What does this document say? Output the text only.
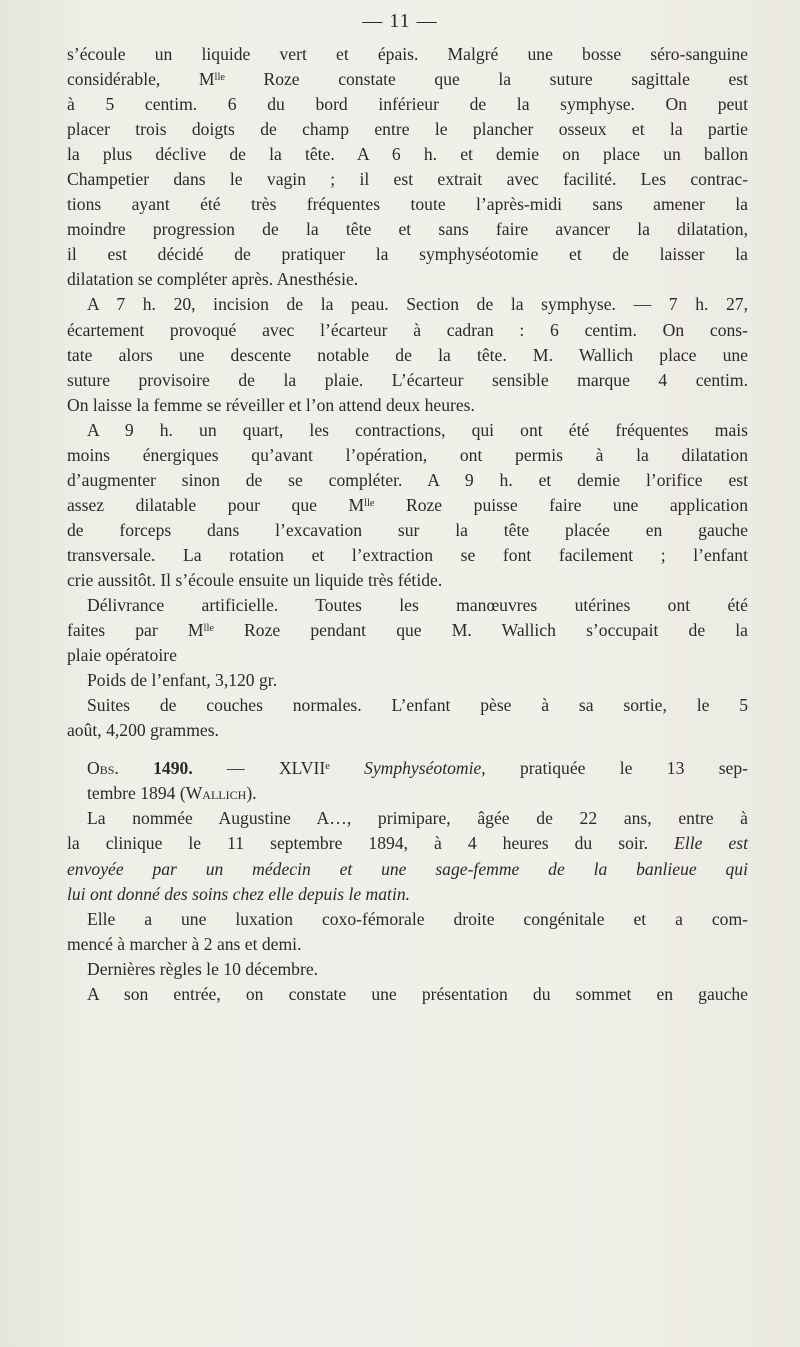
— 11 —

s’écoule un liquide vert et épais. Malgré une bosse séro-sanguine
considérable, Mˡˡᵉ Roze constate que la suture sagittale est
à 5 centim. 6 du bord inférieur de la symphyse. On peut
placer trois doigts de champ entre le plancher osseux et la partie
la plus déclive de la tête. A 6 h. et demie on place un ballon
Champetier dans le vagin ; il est extrait avec facilité. Les contrac-
tions ayant été très fréquentes toute l’après-midi sans amener la
moindre progression de la tête et sans faire avancer la dilatation,
il est décidé de pratiquer la symphyséotomie et de laisser la
dilatation se compléter après. Anesthésie.

A 7 h. 20, incision de la peau. Section de la symphyse. — 7 h. 27,
écartement provoqué avec l’écarteur à cadran : 6 centim. On cons-
tate alors une descente notable de la tête. M. Wallich place une
suture provisoire de la plaie. L’écarteur sensible marque 4 centim.
On laisse la femme se réveiller et l’on attend deux heures.

A 9 h. un quart, les contractions, qui ont été fréquentes mais
moins énergiques qu’avant l’opération, ont permis à la dilatation
d’augmenter sinon de se compléter. A 9 h. et demie l’orifice est
assez dilatable pour que Mˡˡᵉ Roze puisse faire une application
de forceps dans l’excavation sur la tête placée en gauche
transversale. La rotation et l’extraction se font facilement ; l’enfant
crie aussitôt. Il s’écoule ensuite un liquide très fétide.

Délivrance artificielle. Toutes les manœuvres utérines ont été
faites par Mˡˡᵉ Roze pendant que M. Wallich s’occupait de la
plaie opératoire

Poids de l’enfant, 3,120 gr.

Suites de couches normales. L’enfant pèse à sa sortie, le 5
août, 4,200 grammes.

Obs. 1490. — XLVIIᵉ Symphyséotomie, pratiquée le 13 sep-
tembre 1894 (Wallich).

La nommée Augustine A…, primipare, âgée de 22 ans, entre à
la clinique le 11 septembre 1894, à 4 heures du soir. Elle est
envoyée par un médecin et une sage-femme de la banlieue qui
lui ont donné des soins chez elle depuis le matin.

Elle a une luxation coxo-fémorale droite congénitale et a com-
mencé à marcher à 2 ans et demi.

Dernières règles le 10 décembre.

A son entrée, on constate une présentation du sommet en gauche
